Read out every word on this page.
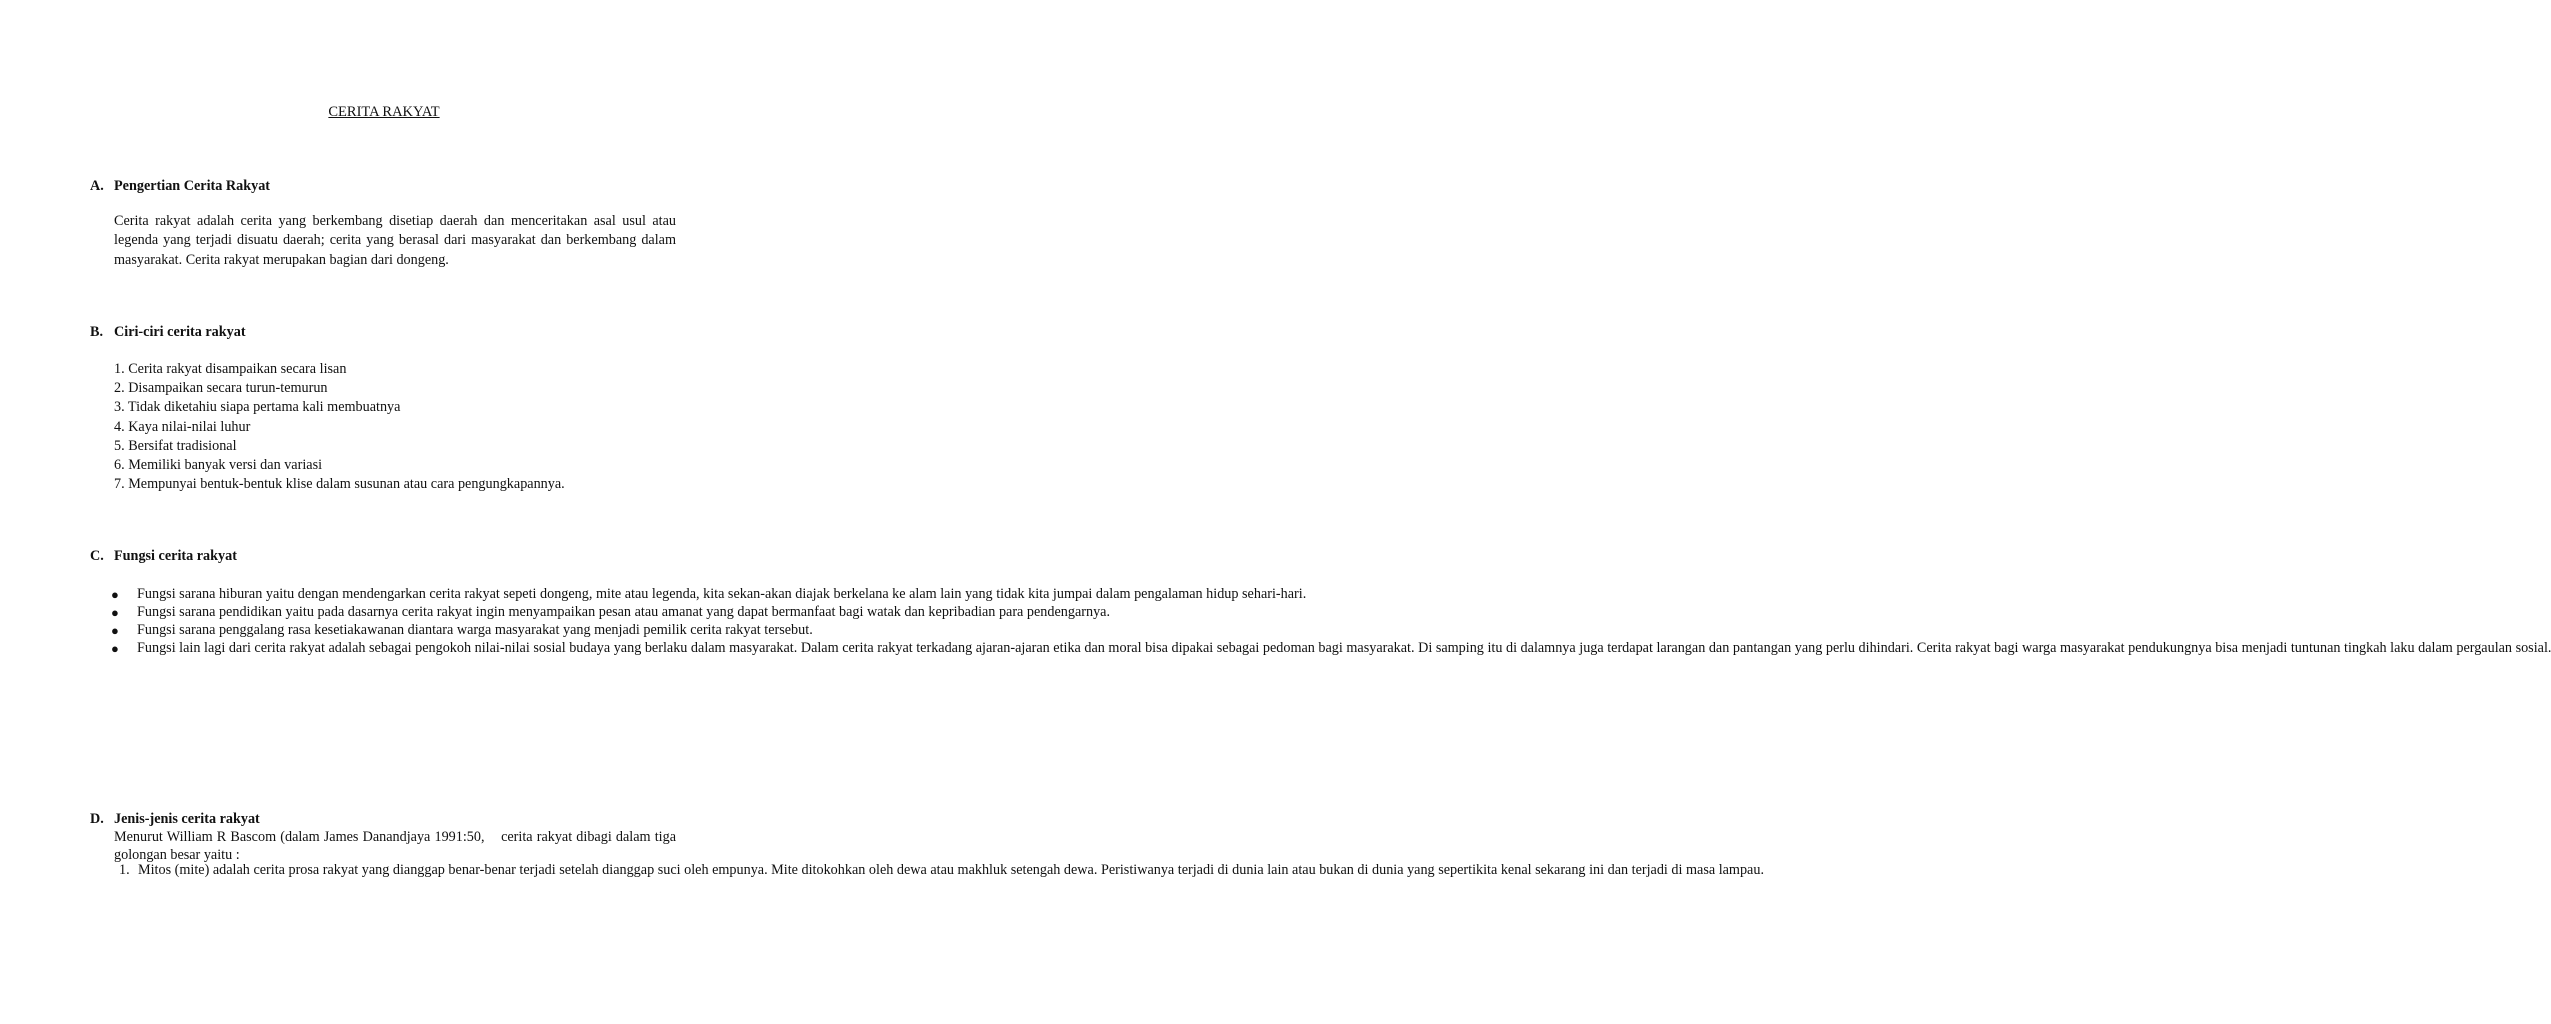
CERITA RAKYAT
A. Pengertian Cerita Rakyat
Cerita rakyat adalah cerita yang berkembang disetiap daerah dan menceritakan asal usul atau legenda yang terjadi disuatu daerah; cerita yang berasal dari masyarakat dan berkembang dalam masyarakat. Cerita rakyat merupakan bagian dari dongeng.
B. Ciri-ciri cerita rakyat
1. Cerita rakyat disampaikan secara lisan
2. Disampaikan secara turun-temurun
3. Tidak diketahiu siapa pertama kali membuatnya
4. Kaya nilai-nilai luhur
5. Bersifat tradisional
6. Memiliki banyak versi dan variasi
7. Mempunyai bentuk-bentuk klise dalam susunan atau cara pengungkapannya.
C. Fungsi cerita rakyat
● Fungsi sarana hiburan yaitu dengan mendengarkan cerita rakyat sepeti dongeng, mite atau legenda, kita sekan-akan diajak berkelana ke alam lain yang tidak kita jumpai dalam pengalaman hidup sehari-hari.
● Fungsi sarana pendidikan yaitu pada dasarnya cerita rakyat ingin menyampaikan pesan atau amanat yang dapat bermanfaat bagi watak dan kepribadian para pendengarnya.
● Fungsi sarana penggalang rasa kesetiakawanan diantara warga masyarakat yang menjadi pemilik cerita rakyat tersebut.
● Fungsi lain lagi dari cerita rakyat adalah sebagai pengokoh nilai-nilai sosial budaya yang berlaku dalam masyarakat. Dalam cerita rakyat terkadang ajaran-ajaran etika dan moral bisa dipakai sebagai pedoman bagi masyarakat. Di samping itu di dalamnya juga terdapat larangan dan pantangan yang perlu dihindari. Cerita rakyat bagi warga masyarakat pendukungnya bisa menjadi tuntunan tingkah laku dalam pergaulan sosial.
D. Jenis-jenis cerita rakyat
Menurut William R Bascom (dalam James Danandjaya 1991:50,    cerita rakyat dibagi dalam tiga golongan besar yaitu :
1. Mitos (mite) adalah cerita prosa rakyat yang dianggap benar-benar terjadi setelah dianggap suci oleh empunya. Mite ditokohkan oleh dewa atau makhluk setengah dewa. Peristiwanya terjadi di dunia lain atau bukan di dunia yang sepertikita kenal sekarang ini dan terjadi di masa lampau.
